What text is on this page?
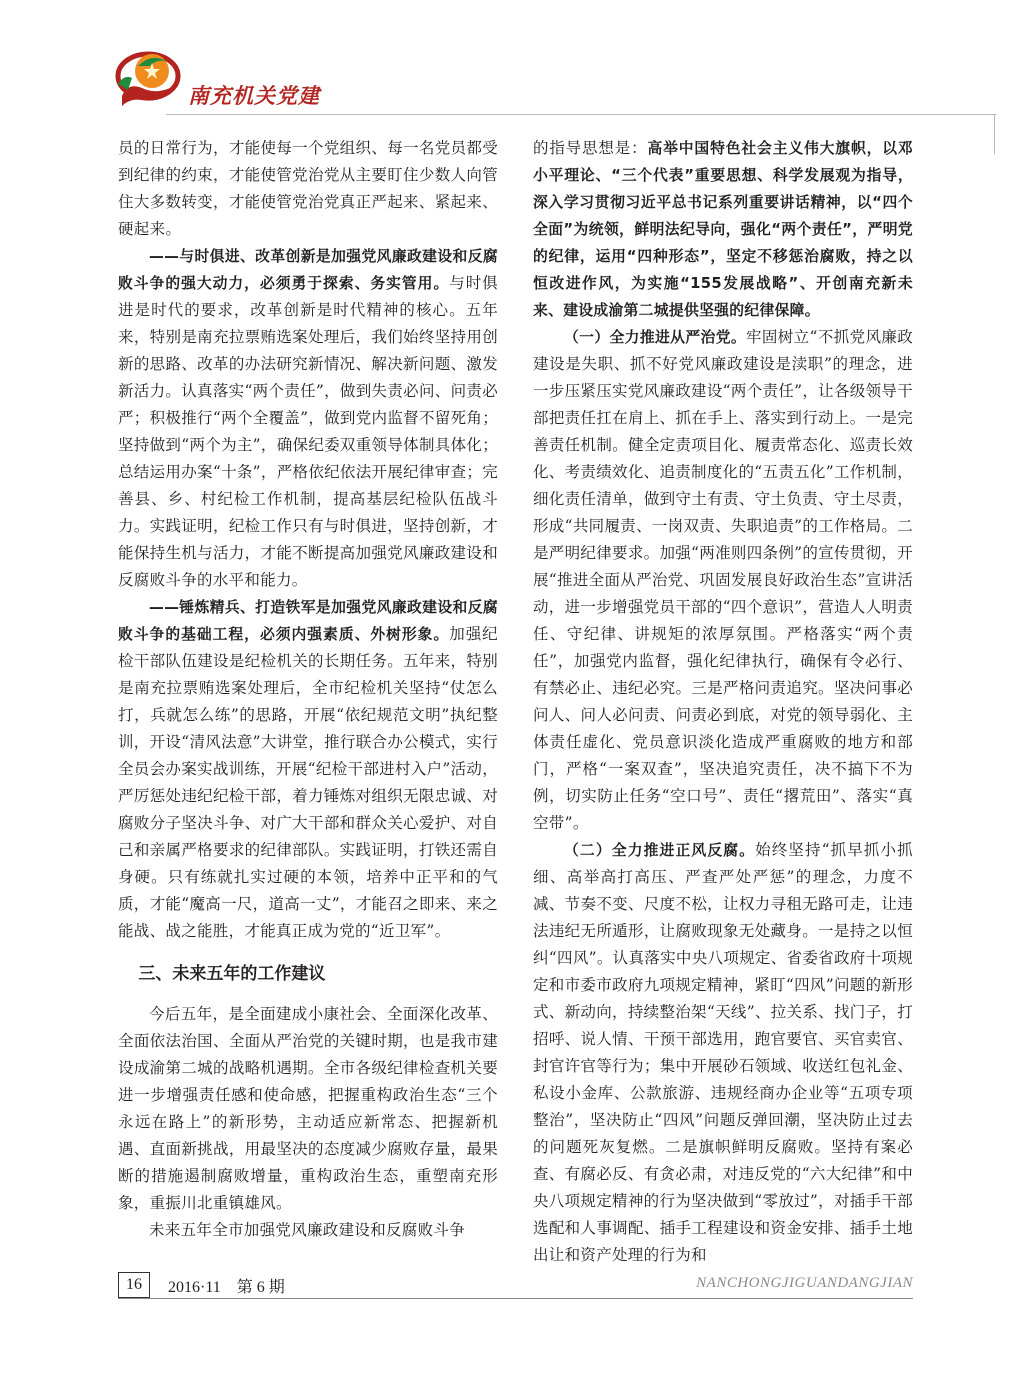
南充机关党建

员的日常行为，才能使每一个党组织、每一名党员都受到纪律的约束，才能使管党治党从主要盯住少数人向管住大多数转变，才能使管党治党真正严起来、紧起来、硬起来。

——与时俱进、改革创新是加强党风廉政建设和反腐败斗争的强大动力，必须勇于探索、务实管用。与时俱进是时代的要求，改革创新是时代精神的核心。五年来，特别是南充拉票贿选案处理后，我们始终坚持用创新的思路、改革的办法研究新情况、解决新问题、激发新活力。认真落实“两个责任”，做到失责必问、问责必严；积极推行“两个全覆盖”，做到党内监督不留死角；坚持做到“两个为主”，确保纪委双重领导体制具体化；总结运用办案“十条”，严格依纪依法开展纪律审查；完善县、乡、村纪检工作机制，提高基层纪检队伍战斗力。实践证明，纪检工作只有与时俱进，坚持创新，才能保持生机与活力，才能不断提高加强党风廉政建设和反腐败斗争的水平和能力。

——锤炼精兵、打造铁军是加强党风廉政建设和反腐败斗争的基础工程，必须内强素质、外树形象。加强纪检干部队伍建设是纪检机关的长期任务。五年来，特别是南充拉票贿选案处理后，全市纪检机关坚持“仗怎么打，兵就怎么练”的思路，开展“依纪规范文明”执纪整训，开设“清风法意”大讲堂，推行联合办公模式，实行全员会办案实战训练，开展“纪检干部进村入户”活动，严厉惩处违纪纪检干部，着力锤炼对组织无限忠诚、对腐败分子坚决斗争、对广大干部和群众关心爱护、对自己和亲属严格要求的纪律部队。实践证明，打铁还需自身硬。只有练就扎实过硬的本领，培养中正平和的气质，才能“魔高一尺，道高一丈”，才能召之即来、来之能战、战之能胜，才能真正成为党的“近卫军”。

三、未来五年的工作建议

今后五年，是全面建成小康社会、全面深化改革、全面依法治国、全面从严治党的关键时期，也是我市建设成渝第二城的战略机遇期。全市各级纪律检查机关要进一步增强责任感和使命感，把握重构政治生态“三个永远在路上”的新形势，主动适应新常态、把握新机遇、直面新挑战，用最坚决的态度减少腐败存量，最果断的措施遏制腐败增量，重构政治生态，重塑南充形象，重振川北重镇雄风。

未来五年全市加强党风廉政建设和反腐败斗争

的指导思想是：高举中国特色社会主义伟大旗帜，以邓小平理论、“三个代表”重要思想、科学发展观为指导，深入学习贯彻习近平总书记系列重要讲话精神，以“四个全面”为统领，鲜明法纪导向，强化“两个责任”，严明党的纪律，运用“四种形态”，坚定不移惩治腐败，持之以恒改进作风，为实施“155发展战略”、开创南充新未来、建设成渝第二城提供坚强的纪律保障。

（一）全力推进从严治党。牢固树立“不抓党风廉政建设是失职、抓不好党风廉政建设是渎职”的理念，进一步压紧压实党风廉政建设“两个责任”，让各级领导干部把责任扛在肩上、抓在手上、落实到行动上。一是完善责任机制。健全定责项目化、履责常态化、巡责长效化、考责绩效化、追责制度化的“五责五化”工作机制，细化责任清单，做到守土有责、守土负责、守土尽责，形成“共同履责、一岗双责、失职追责”的工作格局。二是严明纪律要求。加强“两准则四条例”的宣传贯彻，开展“推进全面从严治党、巩固发展良好政治生态”宣讲活动，进一步增强党员干部的“四个意识”，营造人人明责任、守纪律、讲规矩的浓厚氛围。严格落实“两个责任”，加强党内监督，强化纪律执行，确保有令必行、有禁必止、违纪必究。三是严格问责追究。坚决问事必问人、问人必问责、问责必到底，对党的领导弱化、主体责任虚化、党员意识淡化造成严重腐败的地方和部门，严格“一案双查”，坚决追究责任，决不搞下不为例，切实防止任务“空口号”、责任“撂荒田”、落实“真空带”。

（二）全力推进正风反腐。始终坚持“抓早抓小抓细、高举高打高压、严查严处严惩”的理念，力度不减、节奏不变、尺度不松，让权力寻租无路可走，让违法违纪无所遁形，让腐败现象无处藏身。一是持之以恒纠“四风”。认真落实中央八项规定、省委省政府十项规定和市委市政府九项规定精神，紧盯“四风”问题的新形式、新动向，持续整治架“天线”、拉关系、找门子，打招呼、说人情、干预干部选用，跑官要官、买官卖官、封官许官等行为；集中开展砂石领域、收送红包礼金、私设小金库、公款旅游、违规经商办企业等“五项专项整治”，坚决防止“四风”问题反弹回潮，坚决防止过去的问题死灰复燃。二是旗帜鲜明反腐败。坚持有案必查、有腐必反、有贪必肃，对违反党的“六大纪律”和中央八项规定精神的行为坚决做到“零放过”，对插手干部选配和人事调配、插手工程建设和资金安排、插手土地出让和资产处理的行为和

16	2016·11　第 6 期	NANCHONGJIGUANDANGJIAN
